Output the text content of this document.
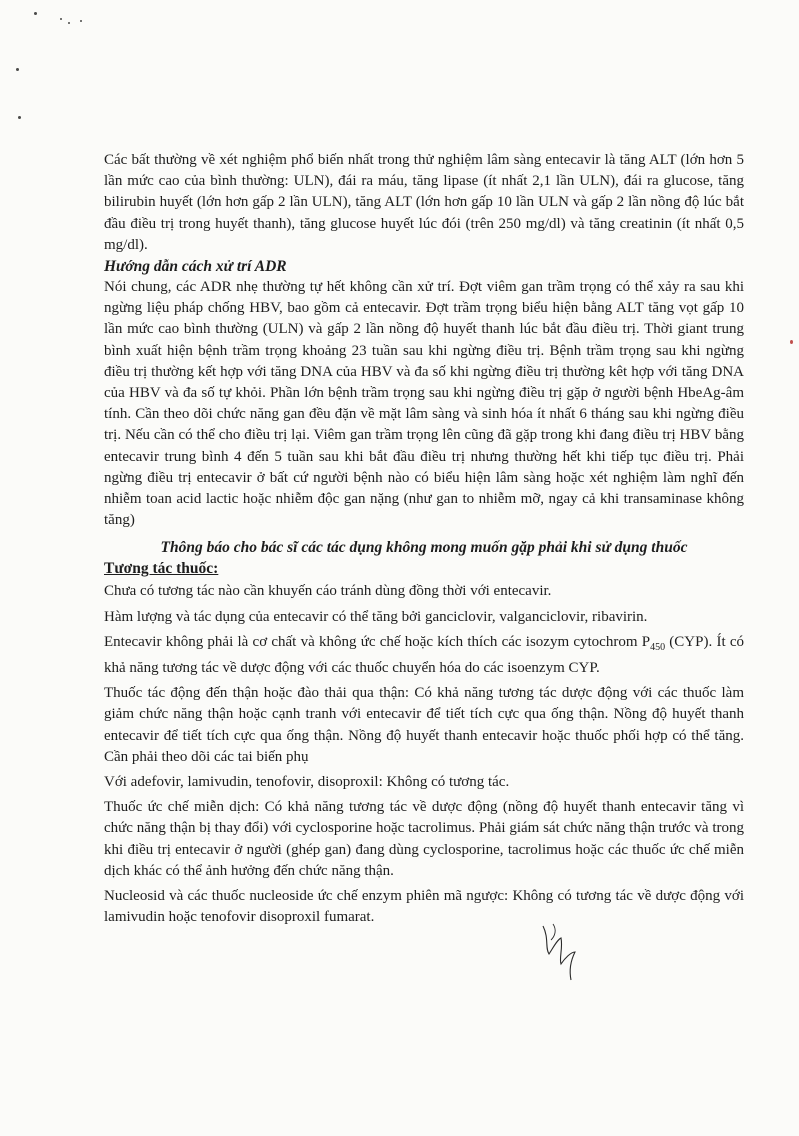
Các bất thường về xét nghiệm phổ biến nhất trong thử nghiệm lâm sàng entecavir là tăng ALT (lớn hơn 5 lần mức cao của bình thường: ULN), đái ra máu, tăng lipase (ít nhất 2,1 lần ULN), đái ra glucose, tăng bilirubin huyết (lớn hơn gấp 2 lần ULN), tăng ALT (lớn hơn gấp 10 lần ULN và gấp 2 lần nồng độ lúc bắt đầu điều trị trong huyết thanh), tăng glucose huyết lúc đói (trên 250 mg/dl) và tăng creatinin (ít nhất 0,5 mg/dl).

Hướng dẫn cách xử trí ADR

Nói chung, các ADR nhẹ thường tự hết không cần xử trí. Đợt viêm gan trầm trọng có thể xảy ra sau khi ngừng liệu pháp chống HBV, bao gồm cả entecavir. Đợt trầm trọng biểu hiện bằng ALT tăng vọt gấp 10 lần mức cao bình thường (ULN) và gấp 2 lần nồng độ huyết thanh lúc bắt đầu điều trị. Thời giant trung bình xuất hiện bệnh trầm trọng khoảng 23 tuần sau khi ngừng điều trị. Bệnh trầm trọng sau khi ngừng điều trị thường kết hợp với tăng DNA của HBV và đa số khi ngừng điều trị thường kêt hợp với tăng DNA của HBV và đa số tự khỏi. Phần lớn bệnh trầm trọng sau khi ngừng điều trị gặp ở người bệnh HbeAg-âm tính. Cần theo dõi chức năng gan đều đặn về mặt lâm sàng và sinh hóa ít nhất 6 tháng sau khi ngừng điều trị. Nếu cần có thể cho điều trị lại. Viêm gan trầm trọng lên cũng đã gặp trong khi đang điều trị HBV bằng entecavir trung bình 4 đến 5 tuần sau khi bắt đầu điều trị nhưng thường hết khi tiếp tục điều trị. Phải ngừng điều trị entecavir ở bất cứ người bệnh nào có biểu hiện lâm sàng hoặc xét nghiệm làm nghĩ đến nhiễm toan acid lactic hoặc nhiễm độc gan nặng (như gan to nhiễm mỡ, ngay cả khi transaminase không tăng)

Thông báo cho bác sĩ các tác dụng không mong muốn gặp phải khi sử dụng thuốc

Tương tác thuốc:

Chưa có tương tác nào cần khuyến cáo tránh dùng đồng thời với entecavir.

Hàm lượng và tác dụng của entecavir có thể tăng bởi ganciclovir, valganciclovir, ribavirin.

Entecavir không phải là cơ chất và không ức chế hoặc kích thích các isozym cytochrom $P_{450}$ (CYP). Ít có khả năng tương tác về dược động với các thuốc chuyển hóa do các isoenzym CYP.

Thuốc tác động đến thận hoặc đào thải qua thận: Có khả năng tương tác dược động với các thuốc làm giảm chức năng thận hoặc cạnh tranh với entecavir để tiết tích cực qua ống thận. Nồng độ huyết thanh entecavir để tiết tích cực qua ống thận. Nồng độ huyết thanh entecavir hoặc thuốc phối hợp có thể tăng. Cần phải theo dõi các tai biến phụ

Với adefovir, lamivudin, tenofovir, disoproxil: Không có tương tác.

Thuốc ức chế miễn dịch: Có khả năng tương tác về dược động (nồng độ huyết thanh entecavir tăng vì chức năng thận bị thay đổi) với cyclosporine hoặc tacrolimus. Phải giám sát chức năng thận trước và trong khi điều trị entecavir ở người (ghép gan) đang dùng cyclosporine, tacrolimus hoặc các thuốc ức chế miễn dịch khác có thể ảnh hưởng đến chức năng thận.

Nucleosid và các thuốc nucleoside ức chế enzym phiên mã ngược: Không có tương tác về dược động với lamivudin hoặc tenofovir disoproxil fumarat.
